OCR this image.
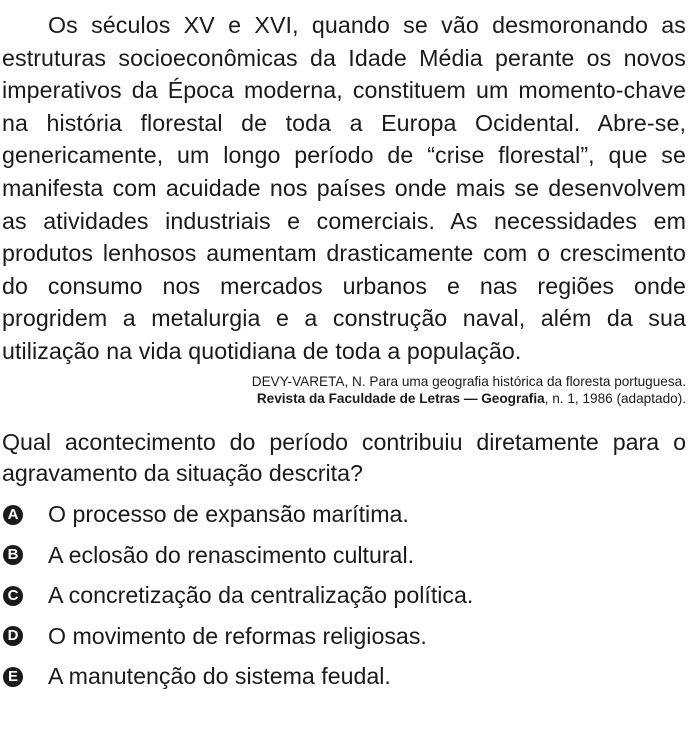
Os séculos XV e XVI, quando se vão desmoronando as estruturas socioeconômicas da Idade Média perante os novos imperativos da Época moderna, constituem um momento-chave na história florestal de toda a Europa Ocidental. Abre-se, genericamente, um longo período de “crise florestal”, que se manifesta com acuidade nos países onde mais se desenvolvem as atividades industriais e comerciais. As necessidades em produtos lenhosos aumentam drasticamente com o crescimento do consumo nos mercados urbanos e nas regiões onde progridem a metalurgia e a construção naval, além da sua utilização na vida quotidiana de toda a população.

DEVY-VARETA, N. Para uma geografia histórica da floresta portuguesa.
Revista da Faculdade de Letras — Geografia, n. 1, 1986 (adaptado).

Qual acontecimento do período contribuiu diretamente para o agravamento da situação descrita?

A O processo de expansão marítima.
B A eclosão do renascimento cultural.
C A concretização da centralização política.
D O movimento de reformas religiosas.
E A manutenção do sistema feudal.
